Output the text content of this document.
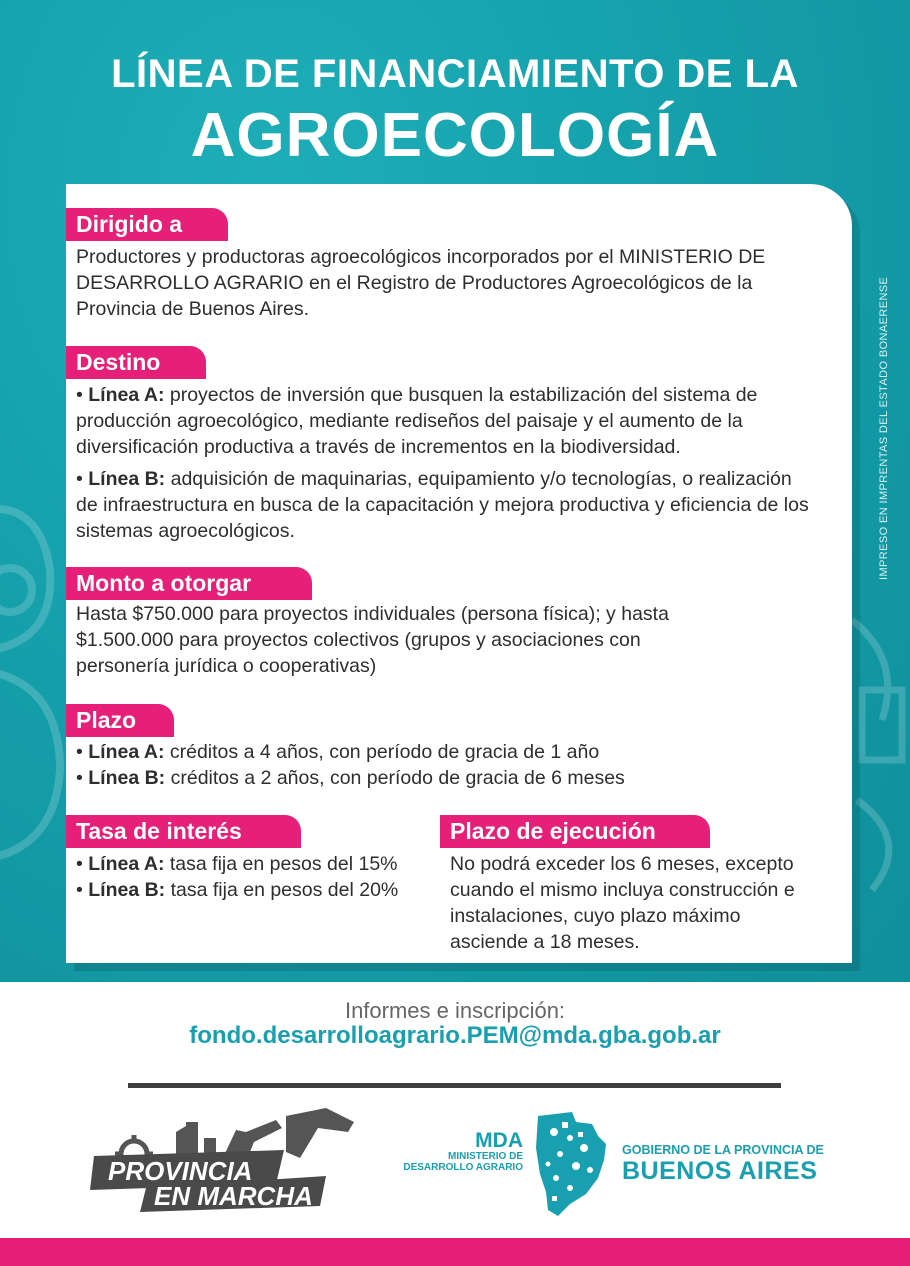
LÍNEA DE FINANCIAMIENTO DE LA
AGROECOLOGÍA
IMPRESO EN IMPRENTAS DEL ESTADO BONAERENSE
Dirigido a
Productores y productoras agroecológicos incorporados por el MINISTERIO DE DESARROLLO AGRARIO en el Registro de Productores Agroecológicos de la Provincia de Buenos Aires.
Destino
• Línea A: proyectos de inversión que busquen la estabilización del sistema de producción agroecológico, mediante rediseños del paisaje y el aumento de la diversificación productiva a través de incrementos en la biodiversidad.
• Línea B: adquisición de maquinarias, equipamiento y/o tecnologías, o realización de infraestructura en busca de la capacitación y mejora productiva y eficiencia de los sistemas agroecológicos.
Monto a otorgar
Hasta $750.000 para proyectos individuales (persona física); y hasta $1.500.000 para proyectos colectivos (grupos y asociaciones con personería jurídica o cooperativas)
Plazo
• Línea A: créditos a 4 años, con período de gracia de 1 año
• Línea B: créditos a 2 años, con período de gracia de 6 meses
Tasa de interés
• Línea A: tasa fija en pesos del 15%
• Línea B: tasa fija en pesos del 20%
Plazo de ejecución
No podrá exceder los 6 meses, excepto cuando el mismo incluya construcción e instalaciones, cuyo plazo máximo asciende a 18 meses.
Informes e inscripción:
fondo.desarrolloagrario.PEM@mda.gba.gob.ar
PROVINCIA
EN MARCHA
MDA
MINISTERIO DE
DESARROLLO AGRARIO
GOBIERNO DE LA PROVINCIA DE
BUENOS AIRES
